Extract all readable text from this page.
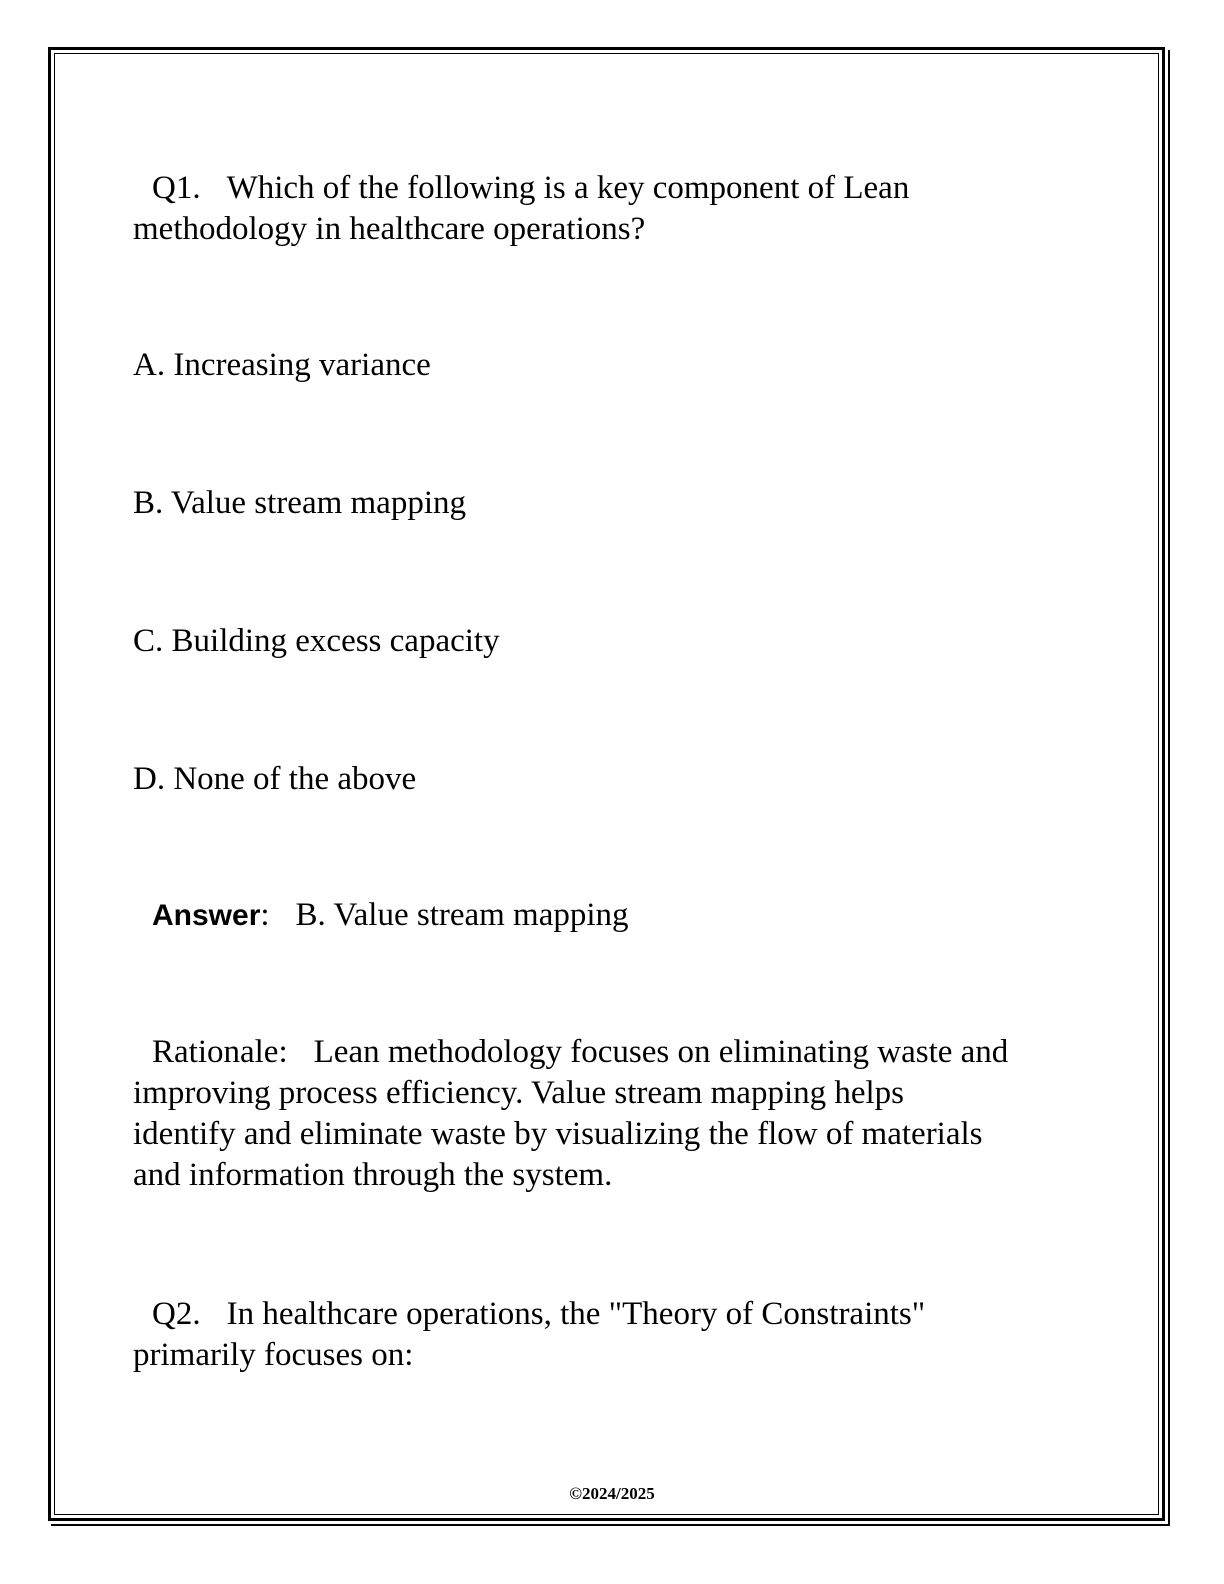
Q1. Which of the following is a key component of Lean
methodology in healthcare operations?
A. Increasing variance
B. Value stream mapping
C. Building excess capacity
D. None of the above
Answer: B. Value stream mapping
Rationale: Lean methodology focuses on eliminating waste and
improving process efficiency. Value stream mapping helps
identify and eliminate waste by visualizing the flow of materials
and information through the system.
Q2. In healthcare operations, the "Theory of Constraints"
primarily focuses on:
©2024/2025
